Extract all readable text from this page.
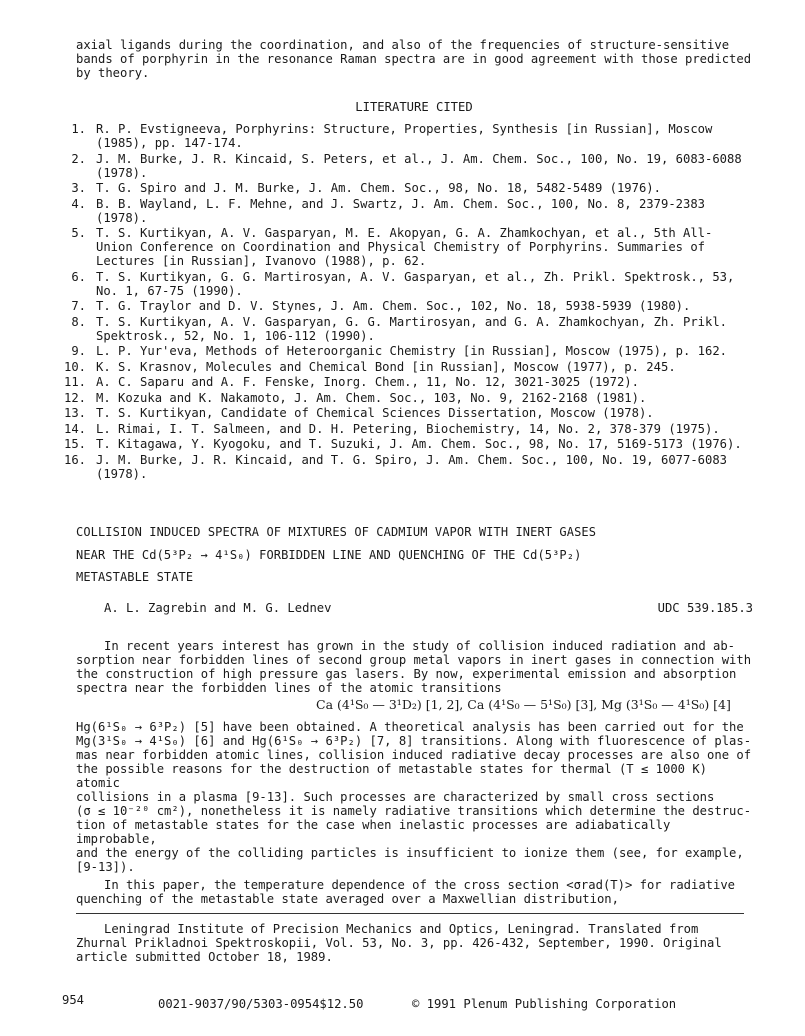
axial ligands during the coordination, and also of the frequencies of structure-sensitive
bands of porphyrin in the resonance Raman spectra are in good agreement with those predicted
by theory.
LITERATURE CITED
1. R. P. Evstigneeva, Porphyrins: Structure, Properties, Synthesis [in Russian], Moscow
(1985), pp. 147-174.
2. J. M. Burke, J. R. Kincaid, S. Peters, et al., J. Am. Chem. Soc., 100, No. 19, 6083-6088
(1978).
3. T. G. Spiro and J. M. Burke, J. Am. Chem. Soc., 98, No. 18, 5482-5489 (1976).
4. B. B. Wayland, L. F. Mehne, and J. Swartz, J. Am. Chem. Soc., 100, No. 8, 2379-2383
(1978).
5. T. S. Kurtikyan, A. V. Gasparyan, M. E. Akopyan, G. A. Zhamkochyan, et al., 5th All-
Union Conference on Coordination and Physical Chemistry of Porphyrins. Summaries of
Lectures [in Russian], Ivanovo (1988), p. 62.
6. T. S. Kurtikyan, G. G. Martirosyan, A. V. Gasparyan, et al., Zh. Prikl. Spektrosk., 53,
No. 1, 67-75 (1990).
7. T. G. Traylor and D. V. Stynes, J. Am. Chem. Soc., 102, No. 18, 5938-5939 (1980).
8. T. S. Kurtikyan, A. V. Gasparyan, G. G. Martirosyan, and G. A. Zhamkochyan, Zh. Prikl.
Spektrosk., 52, No. 1, 106-112 (1990).
9. L. P. Yur'eva, Methods of Heteroorganic Chemistry [in Russian], Moscow (1975), p. 162.
10. K. S. Krasnov, Molecules and Chemical Bond [in Russian], Moscow (1977), p. 245.
11. A. C. Saparu and A. F. Fenske, Inorg. Chem., 11, No. 12, 3021-3025 (1972).
12. M. Kozuka and K. Nakamoto, J. Am. Chem. Soc., 103, No. 9, 2162-2168 (1981).
13. T. S. Kurtikyan, Candidate of Chemical Sciences Dissertation, Moscow (1978).
14. L. Rimai, I. T. Salmeen, and D. H. Petering, Biochemistry, 14, No. 2, 378-379 (1975).
15. T. Kitagawa, Y. Kyogoku, and T. Suzuki, J. Am. Chem. Soc., 98, No. 17, 5169-5173 (1976).
16. J. M. Burke, J. R. Kincaid, and T. G. Spiro, J. Am. Chem. Soc., 100, No. 19, 6077-6083
(1978).
COLLISION INDUCED SPECTRA OF MIXTURES OF CADMIUM VAPOR WITH INERT GASES
NEAR THE Cd(5³P₂ → 4¹S₀) FORBIDDEN LINE AND QUENCHING OF THE Cd(5³P₂)
METASTABLE STATE
A. L. Zagrebin and M. G. Lednev	UDC 539.185.3
In recent years interest has grown in the study of collision induced radiation and ab-
sorption near forbidden lines of second group metal vapors in inert gases in connection with
the construction of high pressure gas lasers. By now, experimental emission and absorption
spectra near the forbidden lines of the atomic transitions
Ca (4¹S₀ — 3¹D₂) [1, 2], Ca (4¹S₀ — 5¹S₀) [3], Mg (3¹S₀ — 4¹S₀) [4]
Hg(6¹S₀ → 6³P₂) [5] have been obtained. A theoretical analysis has been carried out for the
Mg(3¹S₀ → 4¹S₀) [6] and Hg(6¹S₀ → 6³P₂) [7, 8] transitions. Along with fluorescence of plas-
mas near forbidden atomic lines, collision induced radiative decay processes are also one of
the possible reasons for the destruction of metastable states for thermal (T ≤ 1000 K) atomic
collisions in a plasma [9-13]. Such processes are characterized by small cross sections
(σ ≤ 10⁻²⁰ cm²), nonetheless it is namely radiative transitions which determine the destruc-
tion of metastable states for the case when inelastic processes are adiabatically improbable,
and the energy of the colliding particles is insufficient to ionize them (see, for example,
[9-13]).
In this paper, the temperature dependence of the cross section <σrad(T)> for radiative
quenching of the metastable state averaged over a Maxwellian distribution,
Leningrad Institute of Precision Mechanics and Optics, Leningrad. Translated from
Zhurnal Prikladnoi Spektroskopii, Vol. 53, No. 3, pp. 426-432, September, 1990. Original
article submitted October 18, 1989.
954	0021-9037/90/5303-0954$12.50	© 1991 Plenum Publishing Corporation
